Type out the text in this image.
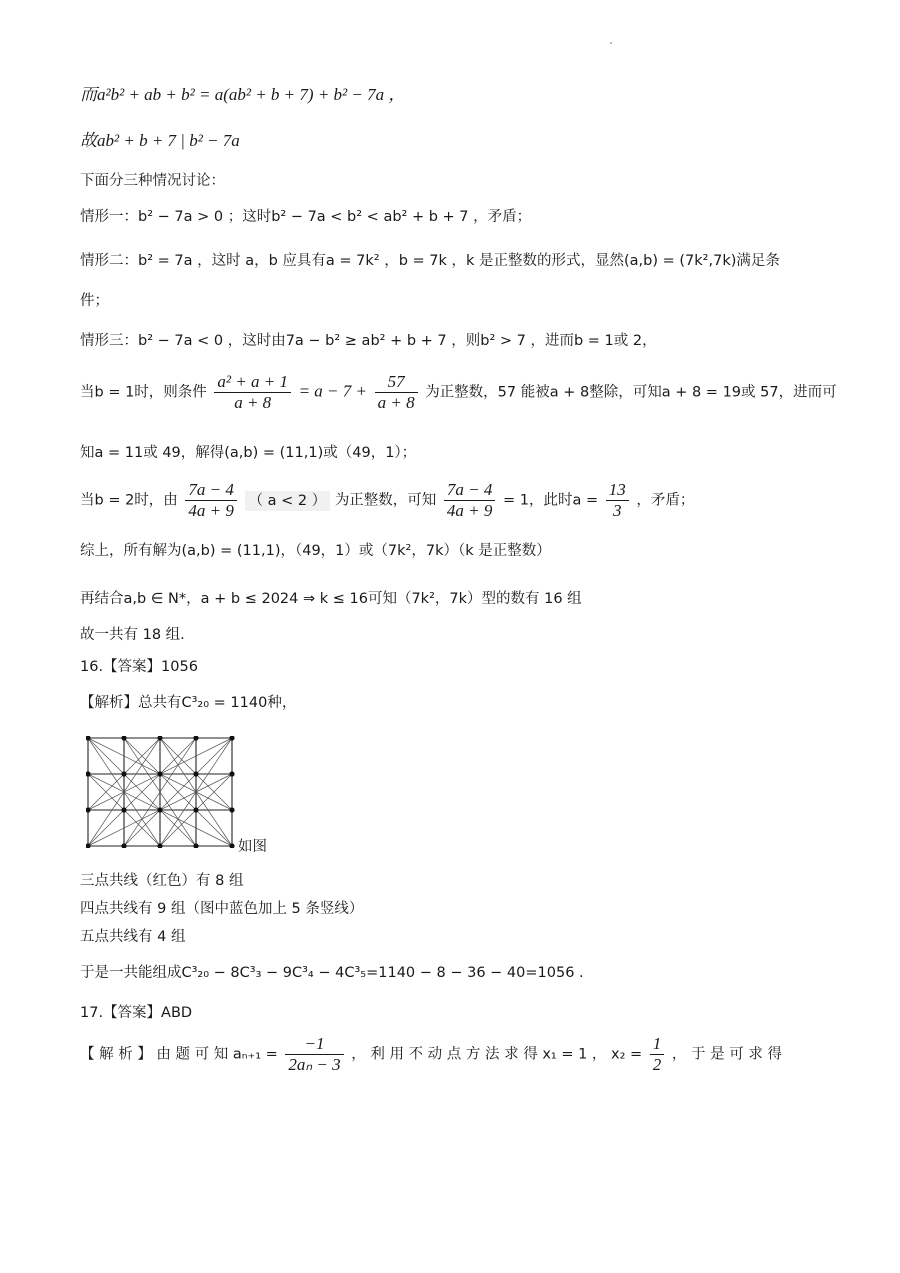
而a²b² + ab + b² = a(ab² + b + 7) + b² − 7a ，
故ab² + b + 7 | b² − 7a
下面分三种情况讨论：
情形一：b² − 7a > 0 ；这时b² − 7a < b² < ab² + b + 7 ，矛盾；
情形二：b² = 7a ，这时 a，b 应具有a = 7k² ，b = 7k ，k 是正整数的形式，显然(a,b) = (7k²,7k)满足条
件；
情形三：b² − 7a < 0 ，这时由7a − b² ≥ ab² + b + 7 ，则b² > 7 ，进而b = 1或 2，
当b = 1时，则条件 $\frac{\text{a² + a + 1}}{a + 8} = a - 7 + \frac{57}{a + 8}$ 为正整数，57 能被a + 8整除，可知a + 8 = 19或 57，进而可
知a = 11或 49，解得(a,b) = (11,1)或（49，1）；
当b = 2时，由 $\frac{7a - 4}{4a + 9}$ （ a < 2 ） 为正整数，可知 $\frac{7a - 4}{4a + 9} = 1$，此时$a = \frac{13}{3}$ ，矛盾；
综上，所有解为(a,b) = (11,1)，（49，1）或（7k²，7k）（k 是正整数）
再结合a,b ∈ N*，a + b ≤ 2024 ⇒ k ≤ 16可知（7k²，7k）型的数有 16 组
故一共有 18 组.
16.【答案】1056
【解析】总共有C³₂₀ = 1140种，
如图
三点共线（红色）有 8 组
四点共线有 9 组（图中蓝色加上 5 条竖线）
五点共线有 4 组
于是一共能组成C³₂₀ − 8C³₃ − 9C³₄ − 4C³₅=1140 − 8 − 36 − 40=1056 .
17.【答案】ABD
【 解 析 】 由 题 可 知 $a_{n+1} = \frac{-1}{\text{2aₙ − 3}}$ ， 利 用 不 动 点 方 法 求 得 x₁ = 1 ， $x_2 = \frac{1}{2}$ ， 于 是 可 求 得
